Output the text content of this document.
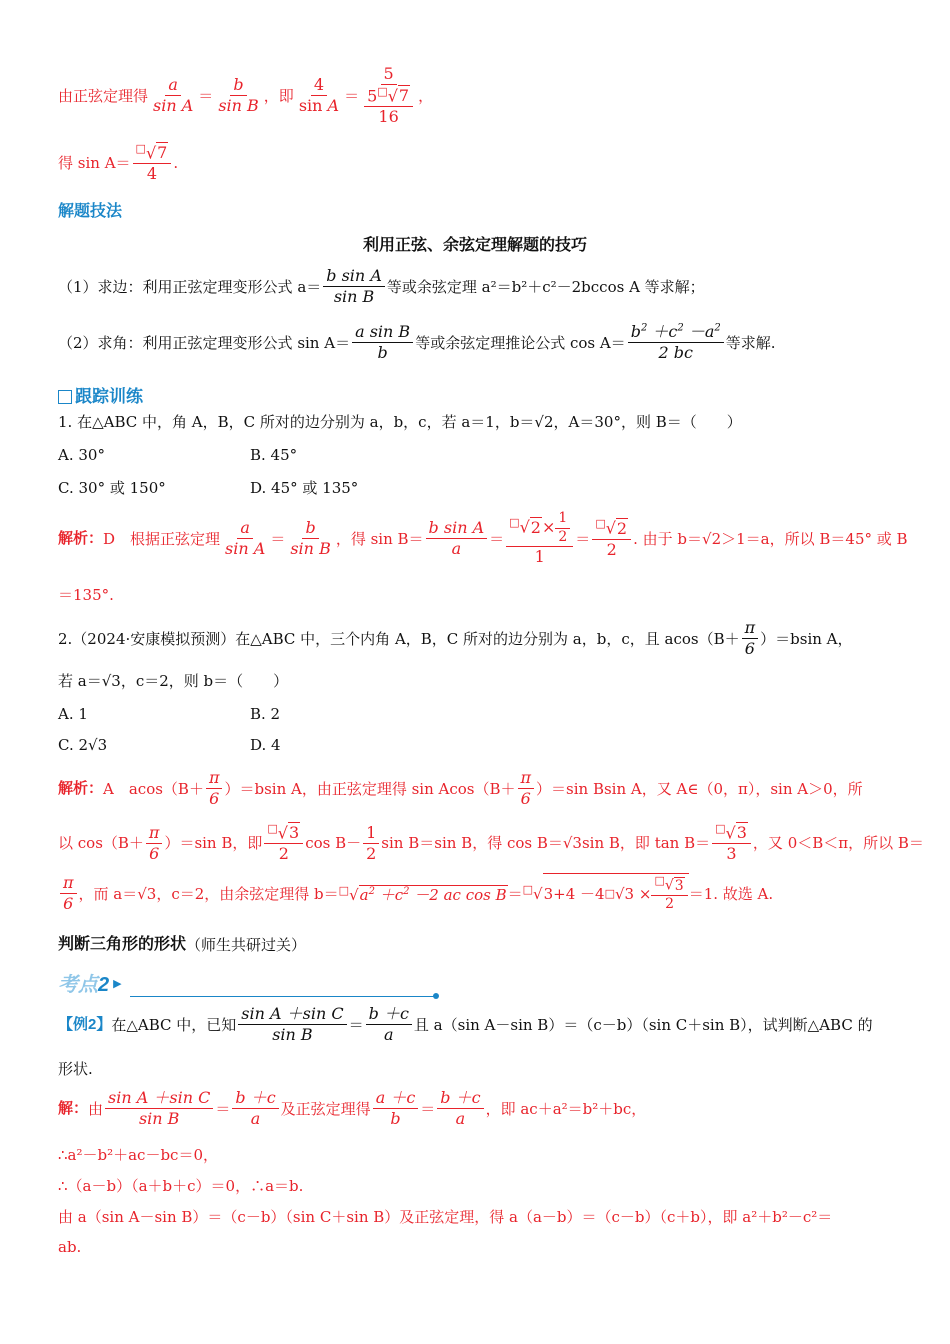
由正弦定理得 $\frac{a}{\text{sin A}} = \frac{b}{\text{sin B}}$ ，即 $\frac{4}{\text{sin A}} = \frac{5}{\frac{5^□√7}{16}}$ ，
得 $\sin A= \frac{^□√7}{4}$ .
解题技法
利用正弦、余弦定理解题的技巧
（1）求边：利用正弦定理变形公式 $a= \frac{\text{b sin A}}{\text{sin B}}$ 等或余弦定理 a²＝b²＋c²－2bccos A 等求解；
（2）求角：利用正弦定理变形公式 $\sin A= \frac{\text{a sin B}}{b}$ 等或余弦定理推论公式 $\cos A= \frac{b^2 +c^2 -a^2}{2 bc}$ 等求解.
跟踪训练
1. 在△ABC 中，角 A，B，C 所对的边分别为 a，b，c，若 a＝1，b＝√2，A＝30°，则 B＝（　　）
A. 30°	B. 45°
C. 30° 或 150°	D. 45° 或 135°
解析： D　根据正弦定理 $\frac{a}{\text{sin A}} = \frac{b}{\text{sin B}}$ ，得 $\sin B= \frac{\text{b sin A}}{a} = \frac{^□√2\times \frac{1}{2}}{1} = \frac{^□√2}{2}$ . 由于 b＝√2＞1＝a，所以 B＝45° 或 B
＝135°.
2.（2024·安康模拟预测）在△ABC 中，三个内角 A，B，C 所对的边分别为 a，b，c，且 $acos(B+ \frac{\pi}{6} )=bsin$ A，
若 a＝√3，c＝2，则 b＝（　　）
A. 1	B. 2
C. 2√3	D. 4
解析： A　$acos(B+ \frac{\pi}{6} )=bsin$ A，由正弦定理得 $\sin Acos(B+ \frac{\pi}{6} )=\sin$ Bsin A，又 A∈（0，π），sin A＞0，所
以 $\cos(B+ \frac{\pi}{6} )=\sin$ B，即 $\frac{^□√3}{2}$ $\cos B- \frac{1}{2}$ sin B＝sin B，得 cos B＝√3sin B，即 $\tan B= \frac{^□√3}{3}$ ，又 0＜B＜π，所以 B＝
$\frac{\pi}{6}$ ，而 a＝√3，c＝2，由余弦定理得 $b= ^□√a^2 +c^2 -2$ ac cos B ＝ □√3+4 －4 □ $√3 \times \frac{^□√3}{2} =1$. 故选 A.
判断三角形的形状 （师生共研过关）
考点 2 ▶
【例2】 在△ABC 中，已知 $\frac{\text{sin A ＋sin C}}{\text{sin B}} = \frac{b +c}{a}$ 且 a（sin A－sin B）＝（c－b）（sin C＋sin B），试判断△ABC 的
形状.
解： 由 $\frac{\text{sin A ＋sin C}}{\text{sin B}} = \frac{b +c}{a}$ 及正弦定理得 $\frac{a +c}{b} = \frac{b +c}{a}$ ，即 ac＋a²＝b²＋bc，
∴a²－b²＋ac－bc＝0，
∴（a－b）（a＋b＋c）＝0，∴a＝b.
由 a（sin A－sin B）＝（c－b）（sin C＋sin B）及正弦定理，得 a（a－b）＝（c－b）（c＋b），即 a²＋b²－c²＝
ab.
